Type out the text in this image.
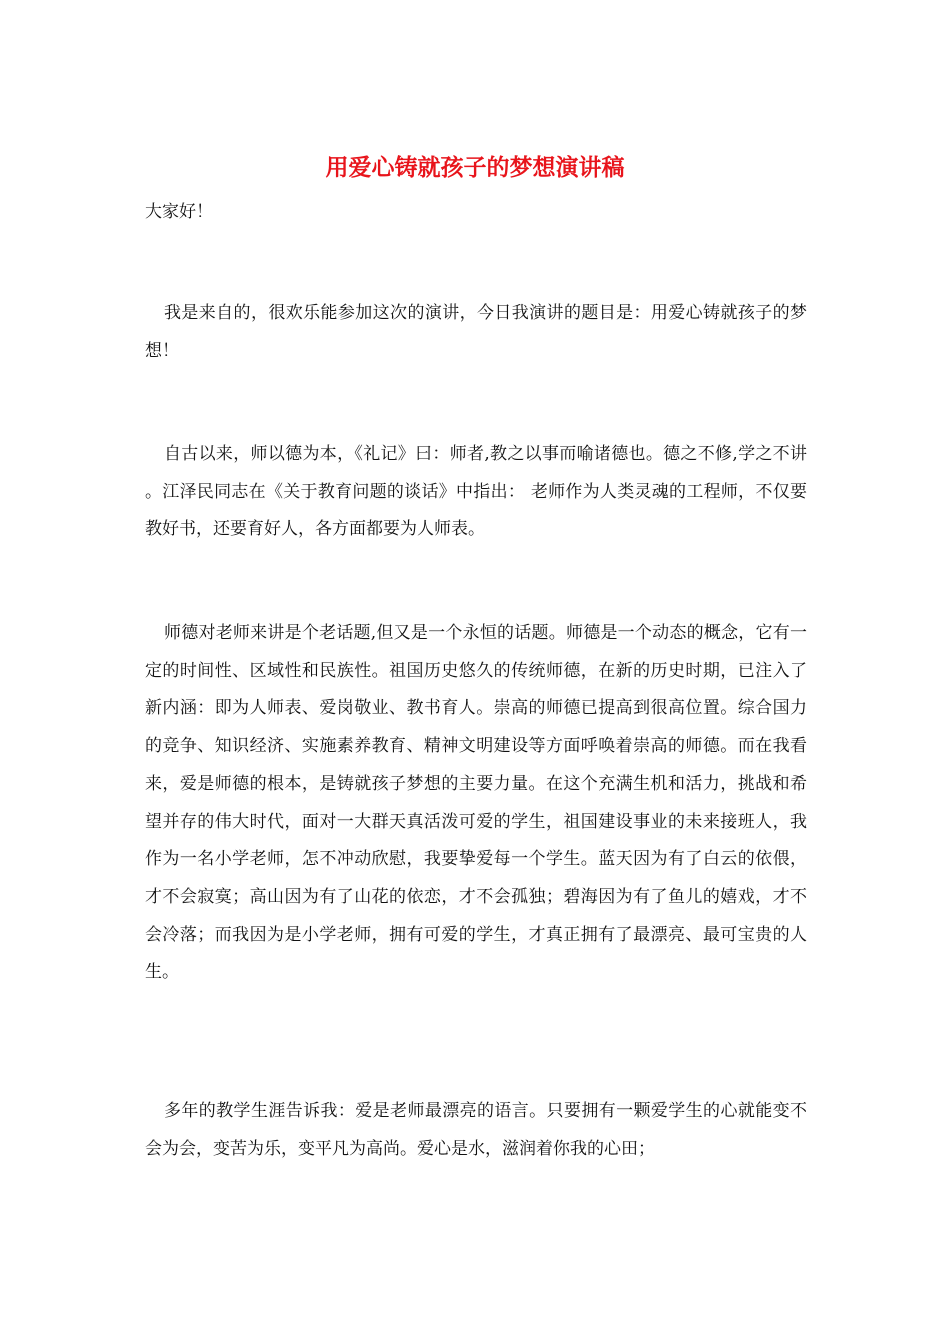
用爱心铸就孩子的梦想演讲稿

大家好！

我是来自的，很欢乐能参加这次的演讲，今日我演讲的题目是：用爱心铸就孩子的梦想！

自古以来，师以德为本，《礼记》曰：师者,教之以事而喻诸德也。德之不修,学之不讲 。江泽民同志在《关于教育问题的谈话》中指出： 老师作为人类灵魂的工程师，不仅要教好书，还要育好人，各方面都要为人师表。

师德对老师来讲是个老话题,但又是一个永恒的话题。师德是一个动态的概念，它有一定的时间性、区域性和民族性。祖国历史悠久的传统师德，在新的历史时期，已注入了新内涵：即为人师表、爱岗敬业、教书育人。崇高的师德已提高到很高位置。综合国力的竞争、知识经济、实施素养教育、精神文明建设等方面呼唤着崇高的师德。而在我看来，爱是师德的根本，是铸就孩子梦想的主要力量。在这个充满生机和活力，挑战和希望并存的伟大时代，面对一大群天真活泼可爱的学生，祖国建设事业的未来接班人，我作为一名小学老师，怎不冲动欣慰，我要挚爱每一个学生。蓝天因为有了白云的依偎，才不会寂寞；高山因为有了山花的依恋，才不会孤独；碧海因为有了鱼儿的嬉戏，才不会冷落；而我因为是小学老师，拥有可爱的学生，才真正拥有了最漂亮、最可宝贵的人生。

多年的教学生涯告诉我：爱是老师最漂亮的语言。只要拥有一颗爱学生的心就能变不会为会，变苦为乐，变平凡为高尚。爱心是水，滋润着你我的心田；
